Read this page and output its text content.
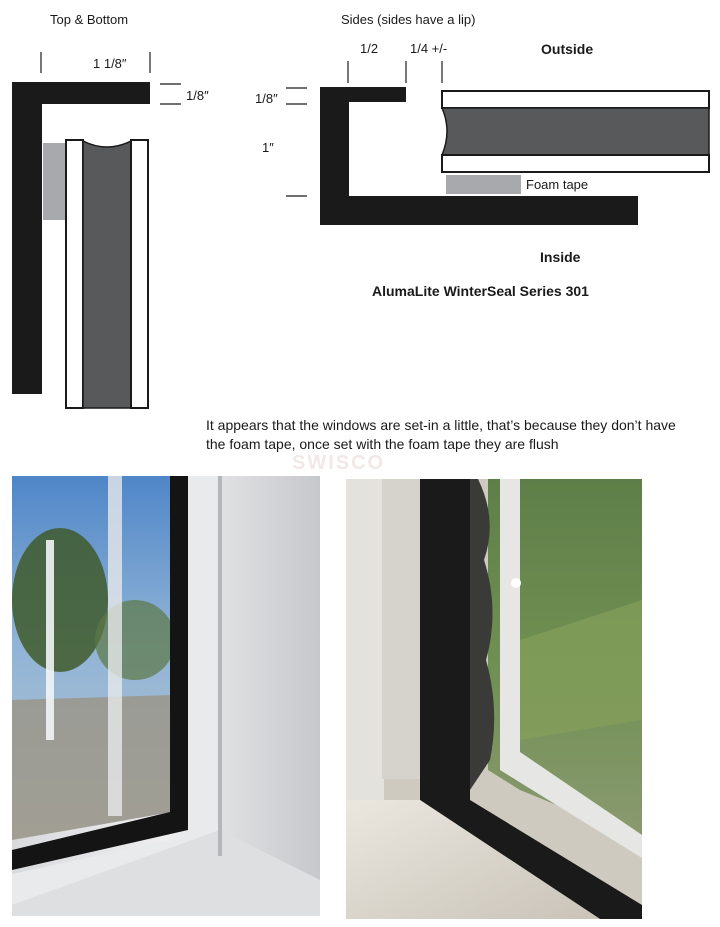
Top & Bottom
1 1/8″
1/8″
Sides (sides have a lip)
1/2 1/4 +/-
1/8″
1″
Outside
Inside
Foam tape
AlumaLite WinterSeal Series 301
It appears that the windows are set-in a little, that’s because they don’t have the foam tape, once set with the foam tape they are flush
SWISCO
